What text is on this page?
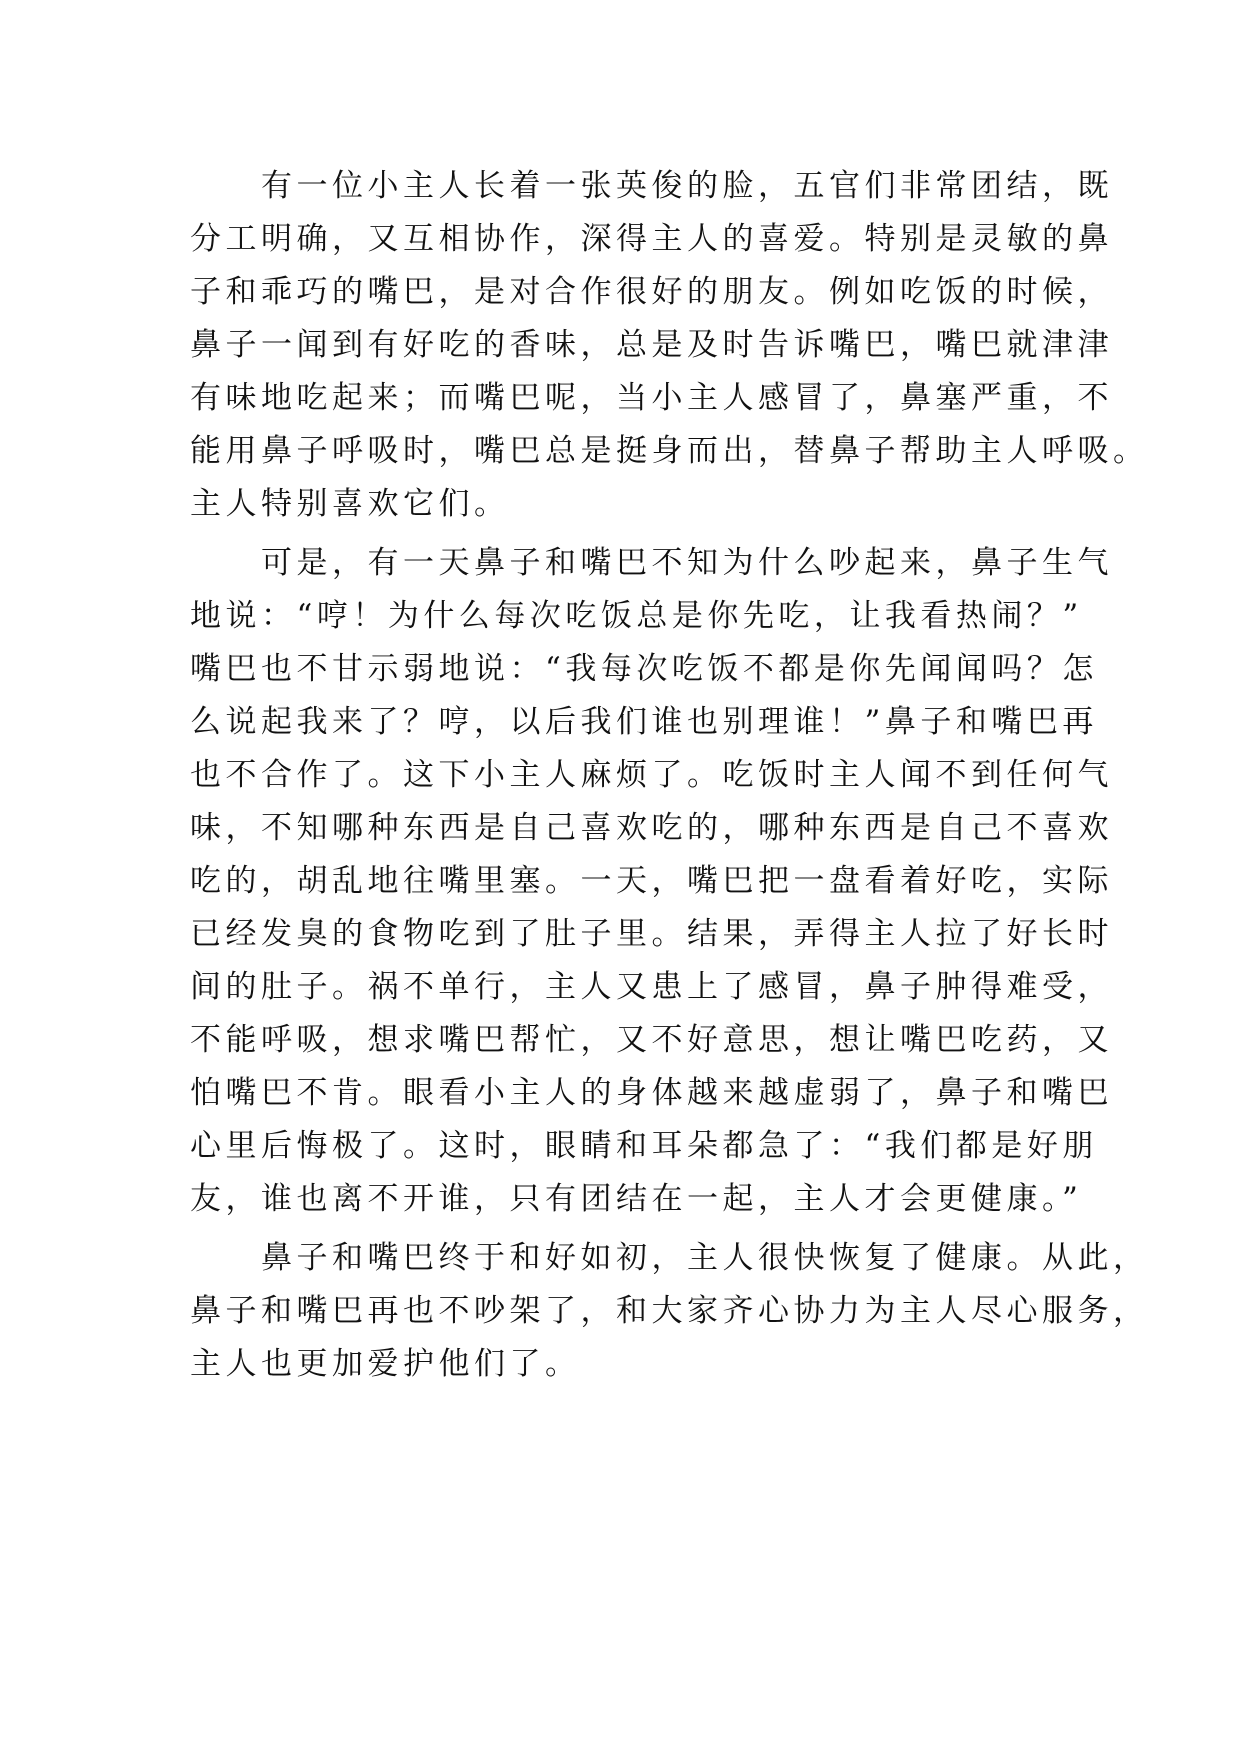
　　有一位小主人长着一张英俊的脸，五官们非常团结，既
分工明确，又互相协作，深得主人的喜爱。特别是灵敏的鼻
子和乖巧的嘴巴，是对合作很好的朋友。例如吃饭的时候，
鼻子一闻到有好吃的香味，总是及时告诉嘴巴，嘴巴就津津
有味地吃起来；而嘴巴呢，当小主人感冒了，鼻塞严重，不
能用鼻子呼吸时，嘴巴总是挺身而出，替鼻子帮助主人呼吸。
主人特别喜欢它们。
　　可是，有一天鼻子和嘴巴不知为什么吵起来，鼻子生气
地说：“哼！为什么每次吃饭总是你先吃，让我看热闹？”
嘴巴也不甘示弱地说：“我每次吃饭不都是你先闻闻吗？怎
么说起我来了？哼，以后我们谁也别理谁！”鼻子和嘴巴再
也不合作了。这下小主人麻烦了。吃饭时主人闻不到任何气
味，不知哪种东西是自己喜欢吃的，哪种东西是自己不喜欢
吃的，胡乱地往嘴里塞。一天，嘴巴把一盘看着好吃，实际
已经发臭的食物吃到了肚子里。结果，弄得主人拉了好长时
间的肚子。祸不单行，主人又患上了感冒，鼻子肿得难受，
不能呼吸，想求嘴巴帮忙，又不好意思，想让嘴巴吃药，又
怕嘴巴不肯。眼看小主人的身体越来越虚弱了，鼻子和嘴巴
心里后悔极了。这时，眼睛和耳朵都急了：“我们都是好朋
友，谁也离不开谁，只有团结在一起，主人才会更健康。”
　　鼻子和嘴巴终于和好如初，主人很快恢复了健康。从此，
鼻子和嘴巴再也不吵架了，和大家齐心协力为主人尽心服务，
主人也更加爱护他们了。
